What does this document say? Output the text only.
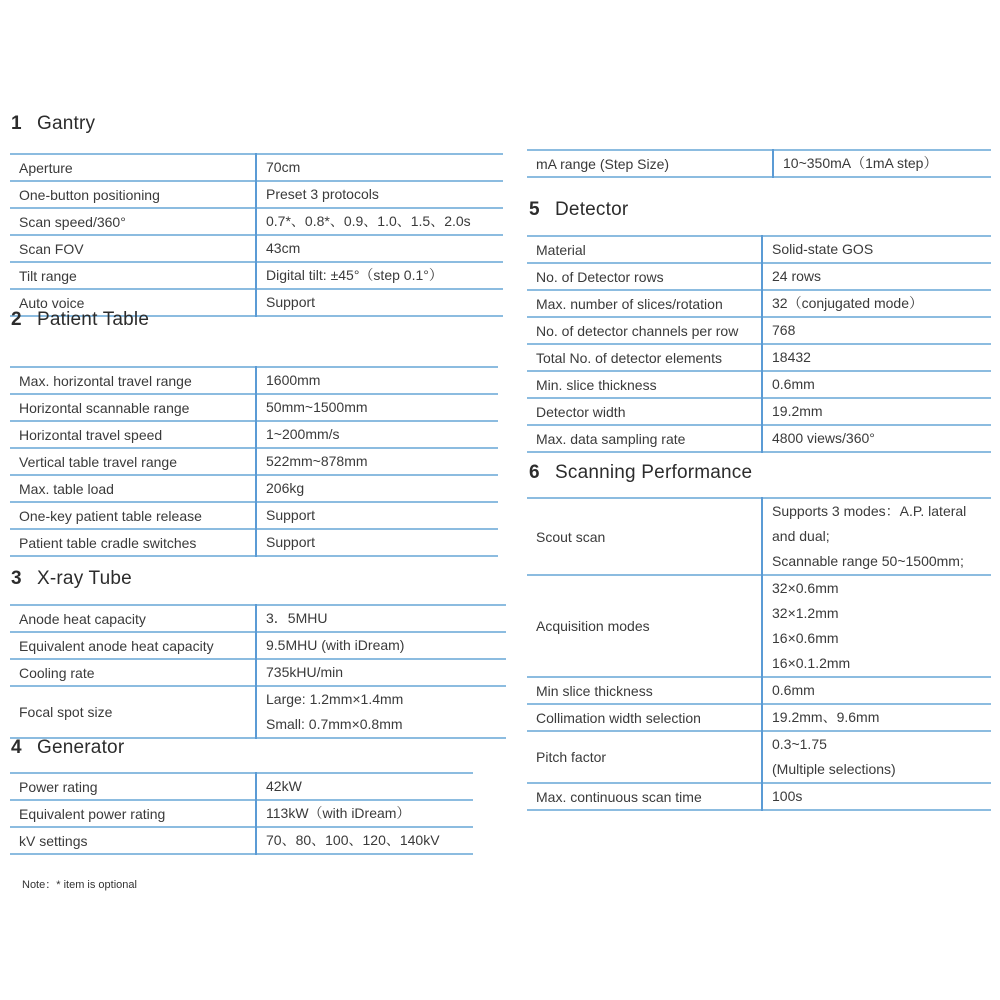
1 Gantry
Aperture	70cm

One-button positioning	Preset 3 protocols

Scan speed/360°	0.7*、0.8*、0.9、1.0、1.5、2.0s

Scan FOV	43cm

Tilt range	Digital tilt: ±45°（step 0.1°）

Auto voice	Support
2 Patient Table
Max. horizontal travel range	1600mm

Horizontal scannable range	50mm~1500mm

Horizontal travel speed	1~200mm/s

Vertical table travel range	522mm~878mm

Max. table load	206kg

One-key patient table release	Support

Patient table cradle switches	Support
3 X-ray Tube
Anode heat capacity	3．5MHU

Equivalent anode heat capacity	9.5MHU (with iDream)

Cooling rate	735kHU/min

Focal spot size	Large: 1.2mm×1.4mm
Small: 0.7mm×0.8mm
4 Generator
Power rating	42kW

Equivalent power rating	113kW（with iDream）

kV settings	70、80、100、120、140kV
Note：* item is optional
mA range (Step Size)	10~350mA（1mA step）
5 Detector
Material	Solid-state GOS

No. of Detector rows	24 rows

Max. number of slices/rotation	32（conjugated mode）

No. of detector channels per row	768

Total No. of detector elements	18432

Min. slice thickness	0.6mm

Detector width	19.2mm

Max. data sampling rate	4800 views/360°
6 Scanning Performance
Scout scan	Supports 3 modes：A.P. lateral
and dual;
Scannable range 50~1500mm;

Acquisition modes	32×0.6mm
32×1.2mm
16×0.6mm
16×0.1.2mm

Min slice thickness	0.6mm

Collimation width selection	19.2mm、9.6mm

Pitch factor	0.3~1.75
(Multiple selections)

Max. continuous scan time	100s
